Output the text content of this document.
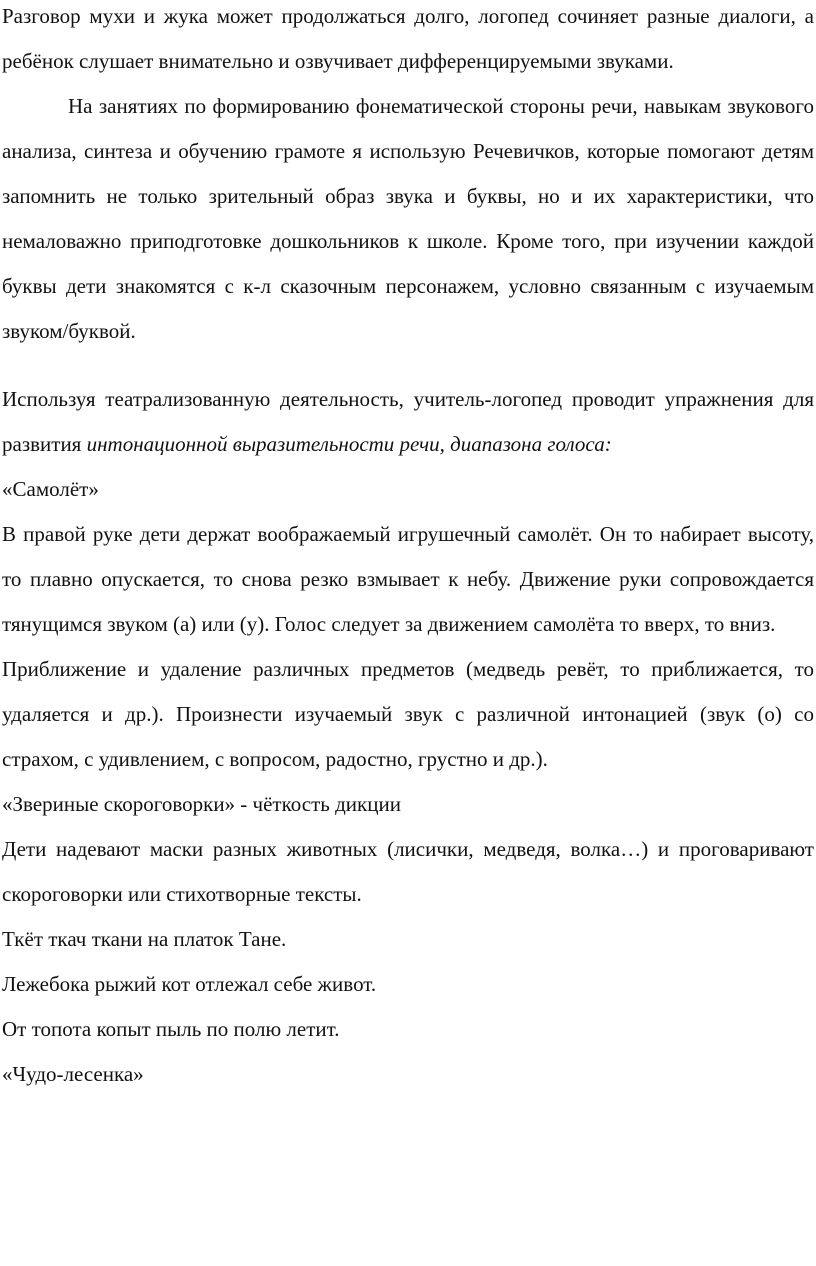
Разговор мухи и жука может продолжаться долго, логопед сочиняет разные диалоги, а ребёнок слушает внимательно и озвучивает дифференцируемыми звуками.

На занятиях по формированию фонематической стороны речи, навыкам звукового анализа, синтеза и обучению грамоте я использую Речевичков, которые помогают детям запомнить не только зрительный образ звука и буквы, но и их характеристики, что немаловажно приподготовке дошкольников к школе. Кроме того, при изучении каждой буквы дети знакомятся с к-л сказочным персонажем, условно связанным с изучаемым звуком/буквой.

Используя театрализованную деятельность, учитель-логопед проводит упражнения для развития интонационной выразительности речи, диапазона голоса:

«Самолёт»

В правой руке дети держат воображаемый игрушечный самолёт. Он то набирает высоту, то плавно опускается, то снова резко взмывает к небу. Движение руки сопровождается тянущимся звуком (а) или (у). Голос следует за движением самолёта то вверх, то вниз.

Приближение и удаление различных предметов (медведь ревёт, то приближается, то удаляется и др.). Произнести изучаемый звук с различной интонацией (звук (о) со страхом, с удивлением, с вопросом, радостно, грустно и др.).

«Звериные скороговорки» - чёткость дикции

Дети надевают маски разных животных (лисички, медведя, волка…) и проговаривают скороговорки или стихотворные тексты.

Ткёт ткач ткани на платок Тане.

Лежебока рыжий кот отлежал себе живот.

От топота копыт пыль по полю летит.

«Чудо-лесенка»
